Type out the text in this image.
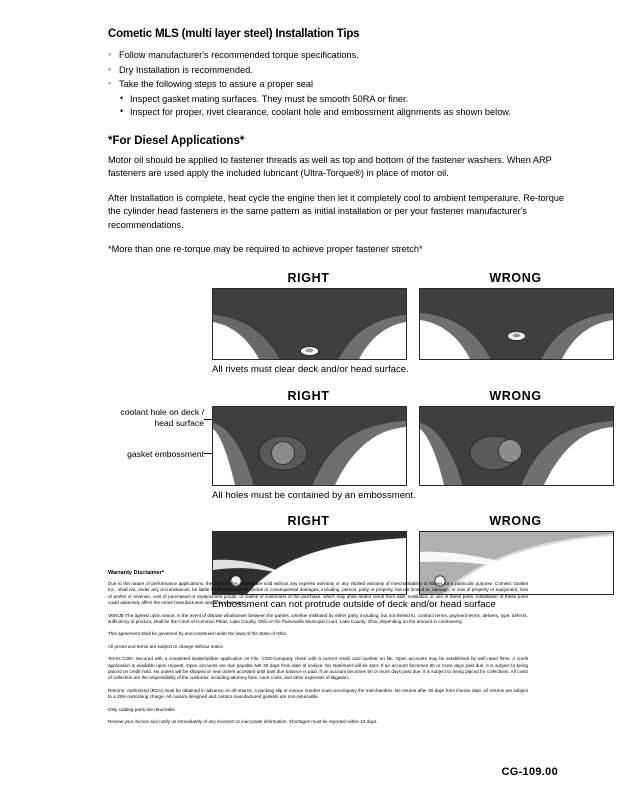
Cometic MLS (multi layer steel) Installation Tips
◦ Follow manufacturer's recommended torque specifications.
◦ Dry Installation is recommended.
◦ Take the following steps to assure a proper seal
• Inspect gasket mating surfaces. They must be smooth 50RA or finer.
• Inspect for proper, rivet clearance, coolant hole and embossment alignments as shown below.
*For Diesel Applications*

Motor oil should be applied to fastener threads as well as top and bottom of the fastener washers. When ARP fasteners are used apply the included lubricant (Ultra-Torque®) in place of motor oil.

After Installation is complete, heat cycle the engine then let it completely cool to ambient temperature. Re-torque the cylinder head fasteners in the same pattern as initial installation or per your fastener manufacturer's recommendations.

*More than one re-torque may be required to achieve proper fastener stretch*

RIGHT	WRONG
All rivets must clear deck and/or head surface.
coolant hole on deck / head surface
gasket embossment
RIGHT	WRONG
All holes must be contained by an embossment.
RIGHT	WRONG
Embossment can not protrude outside of deck and/or head surface
Warranty Disclaimer*

Due to the nature of performance applications, the parts in this catalog are sold without any express warranty or any implied warranty of merchantability or fitness for a particular purpose. Cometic Gasket Inc., shall not, under any circumstances, be liable for any special, incidental or consequential damages, including, person, party or property, but not limited to, damage, or loss of property or equipment, loss of profits or revenue, cost of purchased or replacement goods, or claims of customers of the purchase, which may arise and/or result from sale, instillation or use of these parts. Installation of these parts could adversely affect the motor manufacturers warranty coverage.

VENUE-The agreed upon venue, in the event of dispute whatsoever between the parties, whether instituted by either party, including, but not limited to, contract terms, payment terms, delivery, type, defects, sufficiency of product, shall be the Court of Common Pleas, Lake County, Ohio or the Painesville Municipal Court, Lake County, Ohio, depending on the amount in controversy.

This agreement shall be governed by and construed under the laws of the State of Ohio.

All prices and terms are subject to change without notice.

Terms COD- Secured with a completed dealer/jobber application on File, COD-Company check with a current credit card number on file. Open accounts may be established by well rated firms. A credit application is available upon request. Open accounts are due payable Net 30 days from date of invoice. No statement will be sent. If an account becomes 60 or more days past due, it is subject to being placed on credit hold. No orders will be shipped or new orders accepted until past due balance is paid. If an account becomes 90 or more days past due, it is subject to being placed for collections. All costs of collection are the responsibility of the customer, including attorney fees, court costs, and other expenses of litigation.

Returns- Authorized (RGA) must be obtained in advance on all returns. A packing slip or invoice number must accompany the merchandise. No returns after 30 days from invoice date. All returns are subject to a 25% restocking charge. All custom designed and custom manufactured gaskets are non-returnable.

Only catalog parts are returnable.

Review your invoice and notify us immediately of any incorrect or inaccurate information. Shortages must be reported within 10 days.

CG-109.00
